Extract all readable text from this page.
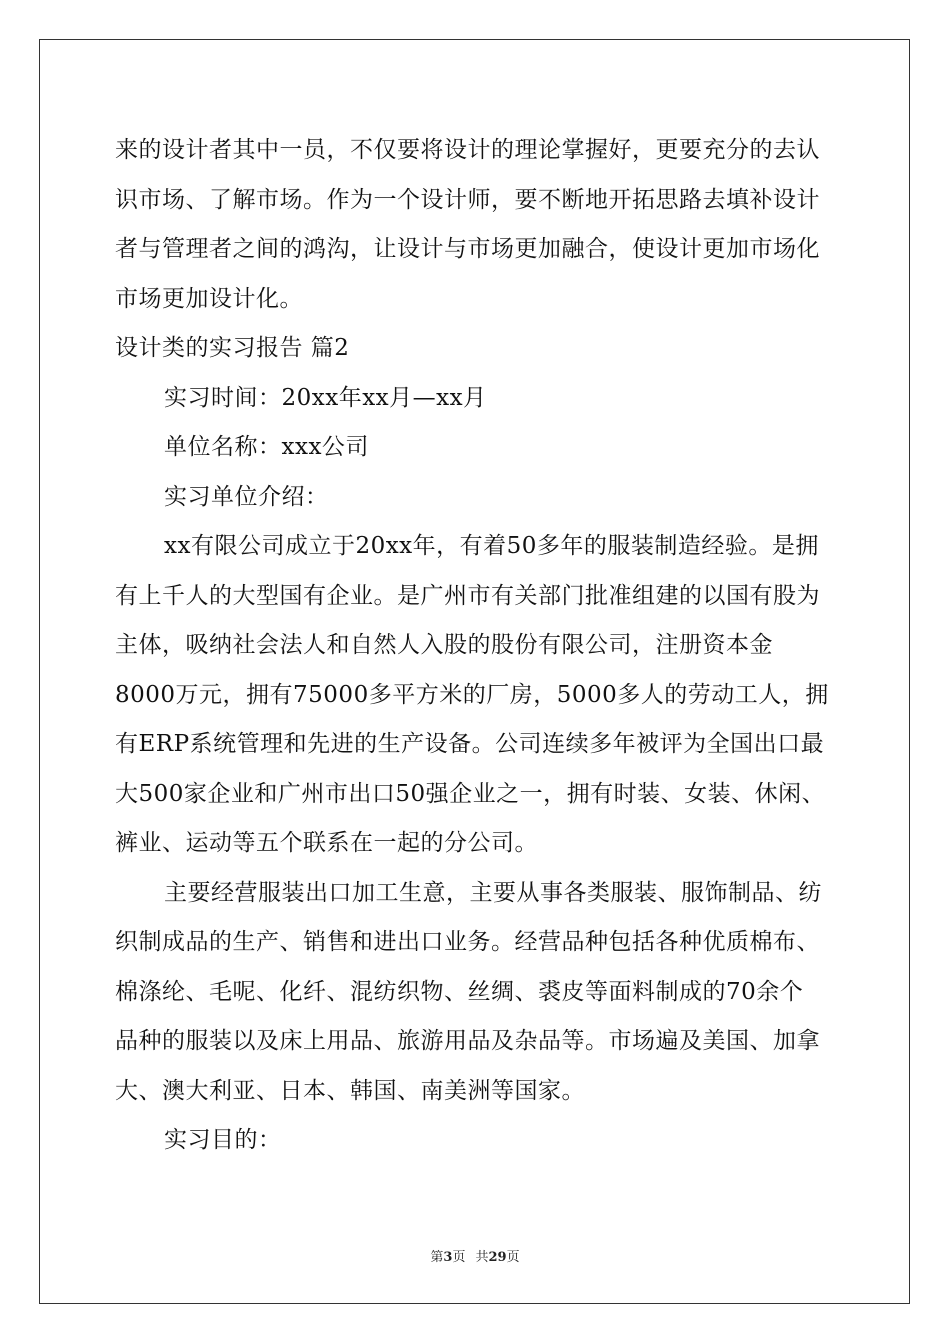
来的设计者其中一员，不仅要将设计的理论掌握好，更要充分的去认
识市场、了解市场。作为一个设计师，要不断地开拓思路去填补设计
者与管理者之间的鸿沟，让设计与市场更加融合，使设计更加市场化
市场更加设计化。
设计类的实习报告 篇2
实习时间：20xx年xx月—xx月
单位名称：xxx公司
实习单位介绍：
xx有限公司成立于20xx年，有着50多年的服装制造经验。是拥
有上千人的大型国有企业。是广州市有关部门批准组建的以国有股为
主体，吸纳社会法人和自然人入股的股份有限公司，注册资本金
8000万元，拥有75000多平方米的厂房，5000多人的劳动工人，拥
有ERP系统管理和先进的生产设备。公司连续多年被评为全国出口最
大500家企业和广州市出口50强企业之一，拥有时装、女装、休闲、
裤业、运动等五个联系在一起的分公司。
主要经营服装出口加工生意，主要从事各类服装、服饰制品、纺
织制成品的生产、销售和进出口业务。经营品种包括各种优质棉布、
棉涤纶、毛呢、化纤、混纺织物、丝绸、裘皮等面料制成的70余个
品种的服装以及床上用品、旅游用品及杂品等。市场遍及美国、加拿
大、澳大利亚、日本、韩国、南美洲等国家。
实习目的：
第3页 共29页
